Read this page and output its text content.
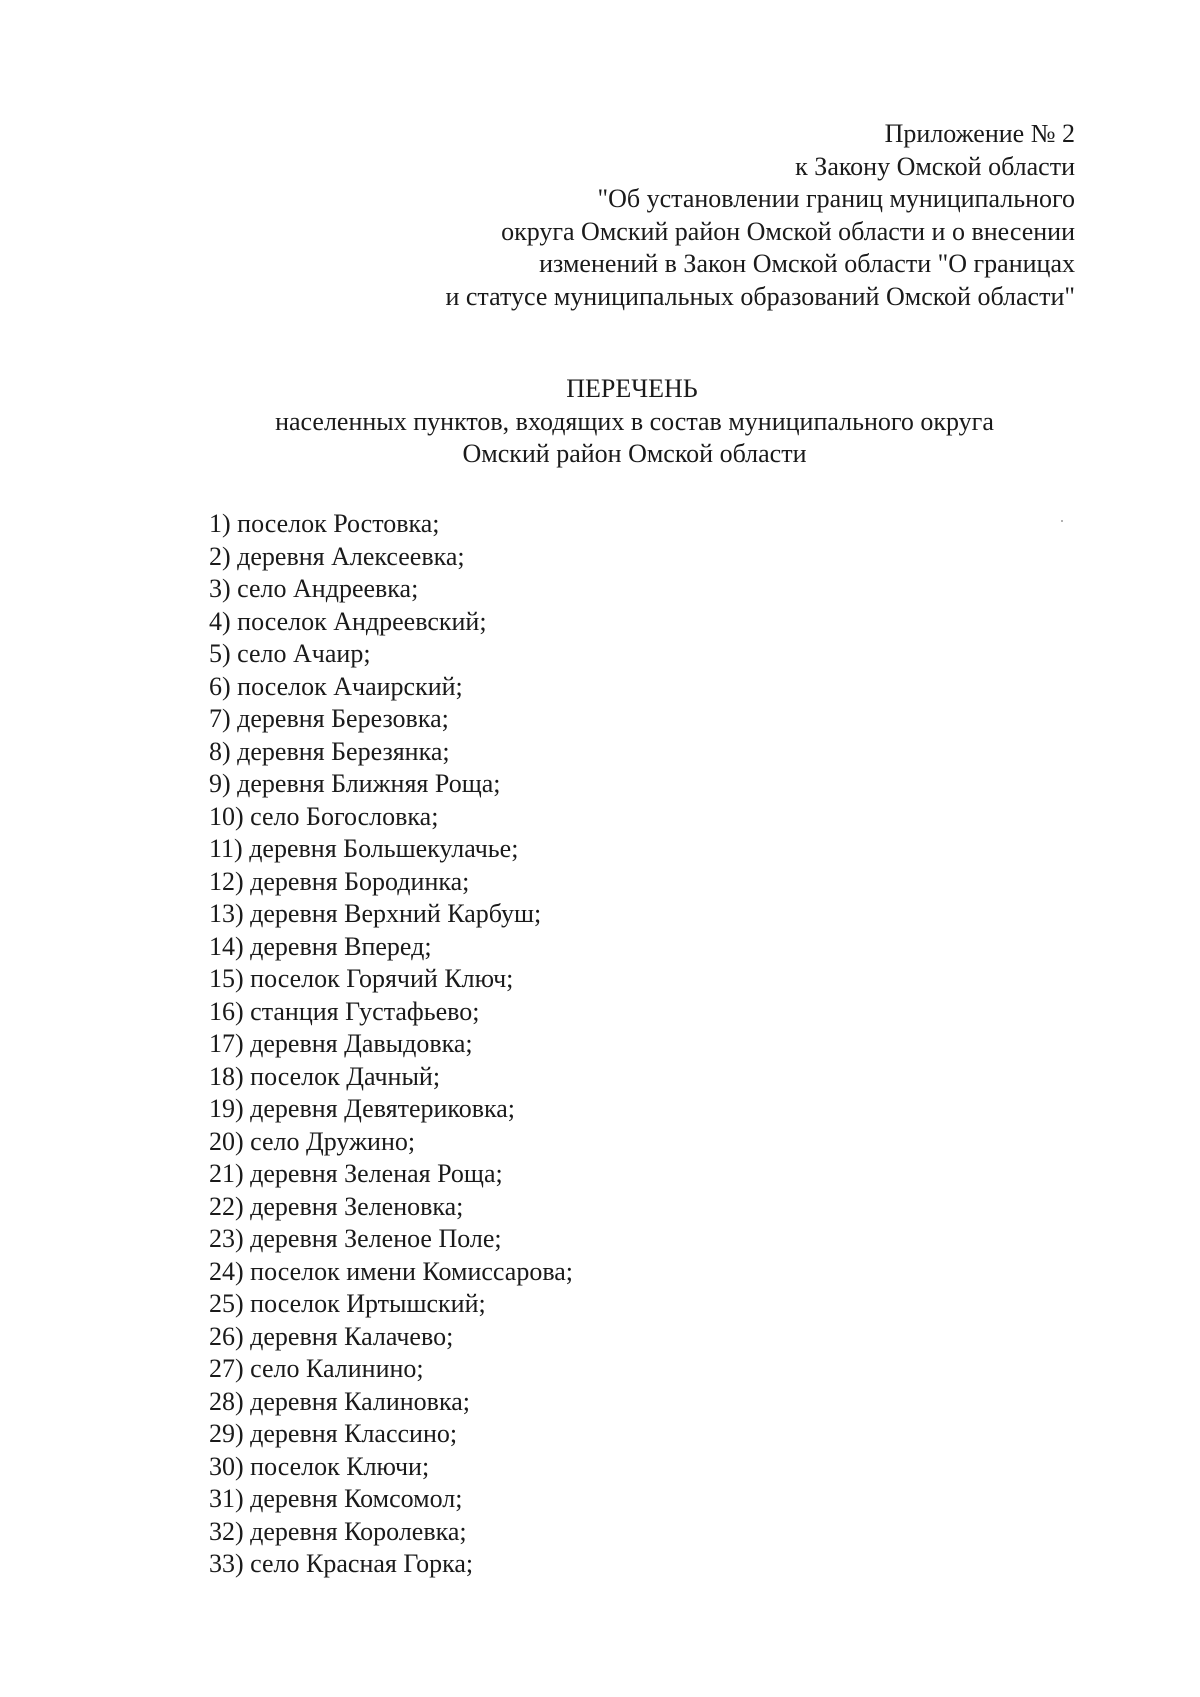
Приложение № 2
к Закону Омской области
"Об установлении границ муниципального
округа Омский район Омской области и о внесении
изменений в Закон Омской области "О границах
и статусе муниципальных образований Омской области"
ПЕРЕЧЕНЬ
населенных пунктов, входящих в состав муниципального округа
Омский район Омской области
1) поселок Ростовка;
2) деревня Алексеевка;
3) село Андреевка;
4) поселок Андреевский;
5) село Ачаир;
6) поселок Ачаирский;
7) деревня Березовка;
8) деревня Березянка;
9) деревня Ближняя Роща;
10) село Богословка;
11) деревня Большекулачье;
12) деревня Бородинка;
13) деревня Верхний Карбуш;
14) деревня Вперед;
15) поселок Горячий Ключ;
16) станция Густафьево;
17) деревня Давыдовка;
18) поселок Дачный;
19) деревня Девятериковка;
20) село Дружино;
21) деревня Зеленая Роща;
22) деревня Зеленовка;
23) деревня Зеленое Поле;
24) поселок имени Комиссарова;
25) поселок Иртышский;
26) деревня Калачево;
27) село Калинино;
28) деревня Калиновка;
29) деревня Классино;
30) поселок Ключи;
31) деревня Комсомол;
32) деревня Королевка;
33) село Красная Горка;
